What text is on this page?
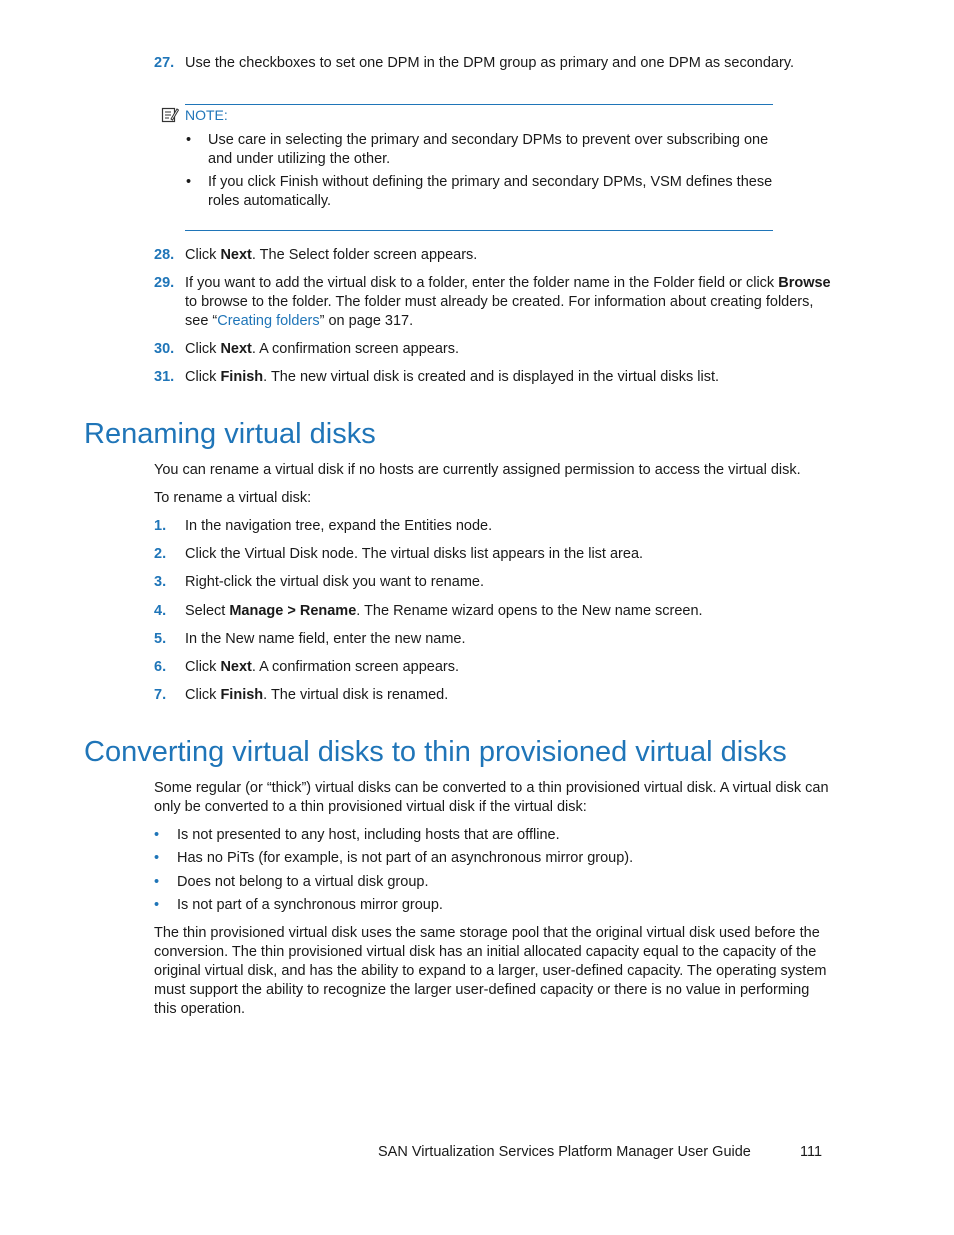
27. Use the checkboxes to set one DPM in the DPM group as primary and one DPM as secondary.
NOTE:
• Use care in selecting the primary and secondary DPMs to prevent over subscribing one and under utilizing the other.
• If you click Finish without defining the primary and secondary DPMs, VSM defines these roles automatically.
28. Click Next. The Select folder screen appears.
29. If you want to add the virtual disk to a folder, enter the folder name in the Folder field or click Browse to browse to the folder. The folder must already be created. For information about creating folders, see “Creating folders” on page 317.
30. Click Next. A confirmation screen appears.
31. Click Finish. The new virtual disk is created and is displayed in the virtual disks list.
Renaming virtual disks
You can rename a virtual disk if no hosts are currently assigned permission to access the virtual disk.
To rename a virtual disk:
1. In the navigation tree, expand the Entities node.
2. Click the Virtual Disk node. The virtual disks list appears in the list area.
3. Right-click the virtual disk you want to rename.
4. Select Manage > Rename. The Rename wizard opens to the New name screen.
5. In the New name field, enter the new name.
6. Click Next. A confirmation screen appears.
7. Click Finish. The virtual disk is renamed.
Converting virtual disks to thin provisioned virtual disks
Some regular (or “thick”) virtual disks can be converted to a thin provisioned virtual disk. A virtual disk can only be converted to a thin provisioned virtual disk if the virtual disk:
• Is not presented to any host, including hosts that are offline.
• Has no PiTs (for example, is not part of an asynchronous mirror group).
• Does not belong to a virtual disk group.
• Is not part of a synchronous mirror group.
The thin provisioned virtual disk uses the same storage pool that the original virtual disk used before the conversion. The thin provisioned virtual disk has an initial allocated capacity equal to the capacity of the original virtual disk, and has the ability to expand to a larger, user-defined capacity. The operating system must support the ability to recognize the larger user-defined capacity or there is no value in performing this operation.
SAN Virtualization Services Platform Manager User Guide	111
